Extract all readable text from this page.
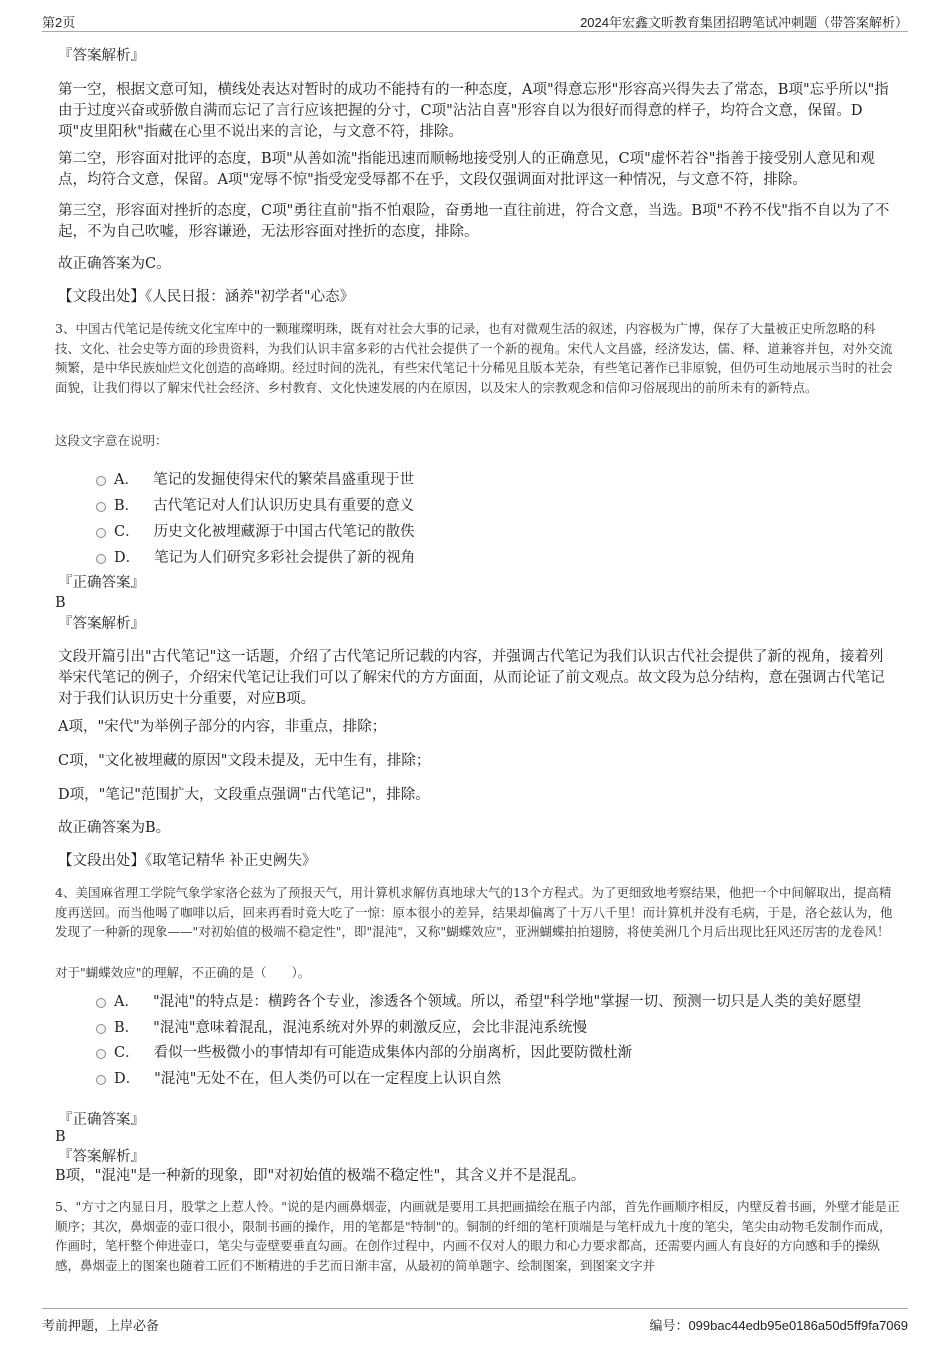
第2页	2024年宏鑫文昕教育集团招聘笔试冲刺题（带答案解析）
『答案解析』
第一空，根据文意可知，横线处表达对暂时的成功不能持有的一种态度，A项"得意忘形"形容高兴得失去了常态，B项"忘乎所以"指由于过度兴奋或骄傲自满而忘记了言行应该把握的分寸，C项"沾沾自喜"形容自以为很好而得意的样子，均符合文意，保留。D项"皮里阳秋"指藏在心里不说出来的言论，与文意不符，排除。
第二空，形容面对批评的态度，B项"从善如流"指能迅速而顺畅地接受别人的正确意见，C项"虚怀若谷"指善于接受别人意见和观点，均符合文意，保留。A项"宠辱不惊"指受宠受辱都不在乎，文段仅强调面对批评这一种情况，与文意不符，排除。
第三空，形容面对挫折的态度，C项"勇往直前"指不怕艰险，奋勇地一直往前进，符合文意，当选。B项"不矜不伐"指不自以为了不起，不为自己吹嘘，形容谦逊，无法形容面对挫折的态度，排除。
故正确答案为C。
【文段出处】《人民日报：涵养"初学者"心态》
3、中国古代笔记是传统文化宝库中的一颗璀璨明珠，既有对社会大事的记录，也有对微观生活的叙述，内容极为广博，保存了大量被正史所忽略的科技、文化、社会史等方面的珍贵资料，为我们认识丰富多彩的古代社会提供了一个新的视角。宋代人文昌盛，经济发达，儒、释、道兼容并包，对外交流频繁，是中华民族灿烂文化创造的高峰期。经过时间的洗礼，有些宋代笔记十分稀见且版本芜杂，有些笔记著作已非原貌，但仍可生动地展示当时的社会面貌，让我们得以了解宋代社会经济、乡村教育、文化快速发展的内在原因，以及宋人的宗教观念和信仰习俗展现出的前所未有的新特点。
这段文字意在说明：
A． 笔记的发掘使得宋代的繁荣昌盛重现于世
B． 古代笔记对人们认识历史具有重要的意义
C． 历史文化被埋藏源于中国古代笔记的散佚
D． 笔记为人们研究多彩社会提供了新的视角
『正确答案』
B
『答案解析』
文段开篇引出"古代笔记"这一话题，介绍了古代笔记所记载的内容，并强调古代笔记为我们认识古代社会提供了新的视角，接着列举宋代笔记的例子，介绍宋代笔记让我们可以了解宋代的方方面面，从而论证了前文观点。故文段为总分结构，意在强调古代笔记对于我们认识历史十分重要，对应B项。
A项，"宋代"为举例子部分的内容，非重点，排除；
C项，"文化被埋藏的原因"文段未提及，无中生有，排除；
D项，"笔记"范围扩大，文段重点强调"古代笔记"，排除。
故正确答案为B。
【文段出处】《取笔记精华 补正史阙失》
4、美国麻省理工学院气象学家洛仑兹为了预报天气，用计算机求解仿真地球大气的13个方程式。为了更细致地考察结果，他把一个中间解取出，提高精度再送回。而当他喝了咖啡以后，回来再看时竟大吃了一惊：原本很小的差异，结果却偏离了十万八千里！而计算机并没有毛病，于是，洛仑兹认为，他发现了一种新的现象——"对初始值的极端不稳定性"，即"混沌"，又称"蝴蝶效应"，亚洲蝴蝶拍拍翅膀，将使美洲几个月后出现比狂风还厉害的龙卷风！
对于"蝴蝶效应"的理解，不正确的是（　　）。
A． "混沌"的特点是：横跨各个专业，渗透各个领域。所以，希望"科学地"掌握一切、预测一切只是人类的美好愿望
B． "混沌"意味着混乱，混沌系统对外界的刺激反应，会比非混沌系统慢
C． 看似一些极微小的事情却有可能造成集体内部的分崩离析，因此要防微杜渐
D． "混沌"无处不在，但人类仍可以在一定程度上认识自然
『正确答案』
B
『答案解析』
B项，"混沌"是一种新的现象，即"对初始值的极端不稳定性"，其含义并不是混乱。
5、"方寸之内显日月，股掌之上惹人怜。"说的是内画鼻烟壶，内画就是要用工具把画描绘在瓶子内部，首先作画顺序相反，内壁反着书画，外壁才能是正顺序；其次，鼻烟壶的壶口很小，限制书画的操作，用的笔都是"特制"的。铜制的纤细的笔杆顶端是与笔杆成九十度的笔尖，笔尖由动物毛发制作而成，作画时，笔杆整个伸进壶口，笔尖与壶壁要垂直勾画。在创作过程中，内画不仅对人的眼力和心力要求都高，还需要内画人有良好的方向感和手的操纵感，鼻烟壶上的图案也随着工匠们不断精进的手艺而日渐丰富，从最初的简单题字、绘制图案，到图案文字并
考前押题，上岸必备	编号：099bac44edb95e0186a50d5ff9fa7069
